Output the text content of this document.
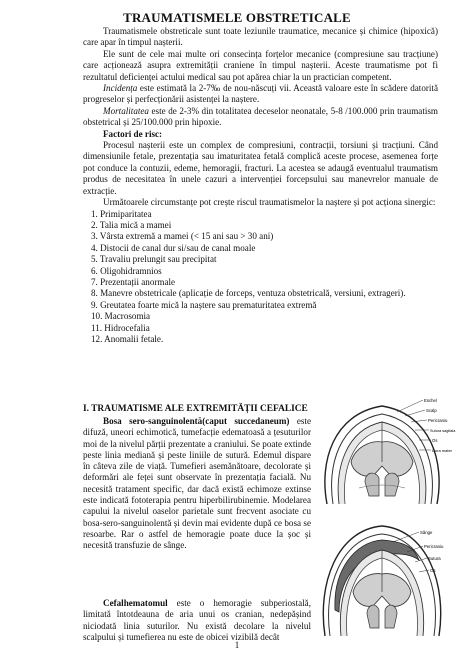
TRAUMATISMELE OBSTRETICALE

Traumatismele obstreticale sunt toate leziunile traumatice, mecanice și chimice (hipoxică) care apar în timpul nașterii.

Ele sunt de cele mai multe ori consecința forțelor mecanice (compresiune sau tracțiune) care acționează asupra extremității craniene în timpul nașterii. Aceste traumatisme pot fi rezultatul deficienței actului medical sau pot apărea chiar la un practician competent.

Incidența este estimată la 2-7‰ de nou-născuți vii. Această valoare este în scădere datorită progreselor și perfecționării asistenței la naștere.

Mortalitatea este de 2-3% din totalitatea deceselor neonatale, 5-8 /100.000 prin traumatism obstetrical și 25/100.000 prin hipoxie.

Factori de risc:

Procesul nașterii este un complex de compresiuni, contracții, torsiuni și tracțiuni. Când dimensiunile fetale, prezentația sau imaturitatea fetală complică aceste procese, asemenea forțe pot conduce la contuzii, edeme, hemoragii, fracturi. La acestea se adaugă eventualul traumatism produs de necesitatea în unele cazuri a intervenției forcepsului sau manevrelor manuale de extracție.

Următoarele circumstanțe pot crește riscul traumatismelor la naștere și pot acționa sinergic:

1. Primiparitatea
2. Talia mică a mamei
3. Vârsta extremă a mamei (< 15 ani sau > 30 ani)
4. Distocii de canal dur si/sau de canal moale
5. Travaliu prelungit sau precipitat
6. Oligohidramnios
7. Prezentații anormale
8. Manevre obstetricale (aplicație de forceps, ventuza obstetricală, versiuni, extrageri).
9. Greutatea foarte mică la naștere sau prematuritatea extremă
10. Macrosomia
11. Hidrocefalia
12. Anomalii fetale.
I. TRAUMATISME ALE EXTREMITĂȚII CEFALICE

Bosa sero-sanguinolentă(caput succedaneum) este difuză, uneori echimotică, tumefacție edematoasă a țesuturilor moi de la nivelul părții prezentate a craniului. Se poate extinde peste linia mediană și peste liniile de sutură. Edemul dispare în câteva zile de viață. Tumefieri asemănătoare, decolorate și deformări ale feței sunt observate în prezentația facială. Nu necesită tratament specific, dar dacă există echimoze extinse este indicată fototerapia pentru hiperbilirubinemie. Modelarea capului la nivelul oaselor parietale sunt frecvent asociate cu bosa-sero-sanguinolentă și devin mai evidente după ce bosa se resoarbe. Rar o astfel de hemoragie poate duce la șoc și necesită transfuzie de sânge.

Cefalhematomul este o hemoragie subperiostală, limitată întotdeauna de aria unui os cranian, nedepășind niciodată linia suturilor. Nu există decolare la nivelul scalpului și tumefierea nu este de obicei vizibilă decât

Eschel
Scalp
Pericraniu
Sutura sagitala
Os
Dura mater
Sânge
Pericraniu
Sutura
Os
1
